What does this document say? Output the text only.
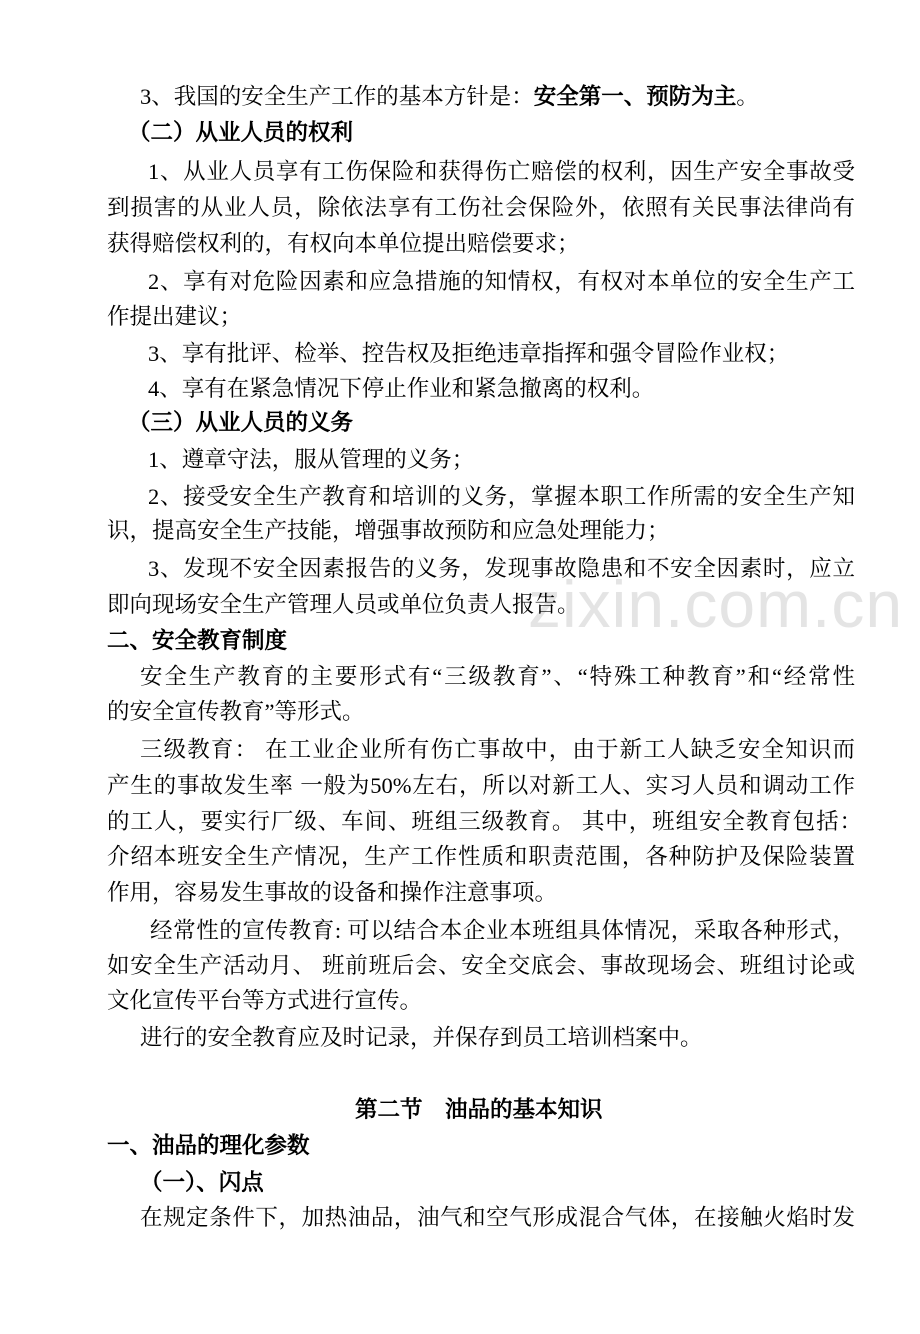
zixin.com.cn
3、我国的安全生产工作的基本方针是：安全第一、预防为主。
（二）从业人员的权利
1、从业人员享有工伤保险和获得伤亡赔偿的权利，因生产安全事故受
到损害的从业人员，除依法享有工伤社会保险外，依照有关民事法律尚有
获得赔偿权利的，有权向本单位提出赔偿要求；
2、享有对危险因素和应急措施的知情权，有权对本单位的安全生产工
作提出建议；
3、享有批评、检举、控告权及拒绝违章指挥和强令冒险作业权；
4、享有在紧急情况下停止作业和紧急撤离的权利。
（三）从业人员的义务
1、遵章守法，服从管理的义务；
2、接受安全生产教育和培训的义务，掌握本职工作所需的安全生产知
识，提高安全生产技能，增强事故预防和应急处理能力；
3、发现不安全因素报告的义务，发现事故隐患和不安全因素时，应立
即向现场安全生产管理人员或单位负责人报告。
二、安全教育制度
安全生产教育的主要形式有“三级教育”、“特殊工种教育”和“经常性
的安全宣传教育”等形式。
三级教育： 在工业企业所有伤亡事故中，由于新工人缺乏安全知识而
产生的事故发生率 一般为50%左右，所以对新工人、实习人员和调动工作
的工人，要实行厂级、车间、班组三级教育。 其中，班组安全教育包括：
介绍本班安全生产情况，生产工作性质和职责范围，各种防护及保险装置
作用，容易发生事故的设备和操作注意事项。
经常性的宣传教育: 可以结合本企业本班组具体情况，采取各种形式，
如安全生产活动月、 班前班后会、安全交底会、事故现场会、班组讨论或
文化宣传平台等方式进行宣传。
进行的安全教育应及时记录，并保存到员工培训档案中。
第二节　油品的基本知识
一、油品的理化参数
（一）、闪点
在规定条件下，加热油品，油气和空气形成混合气体，在接触火焰时发
